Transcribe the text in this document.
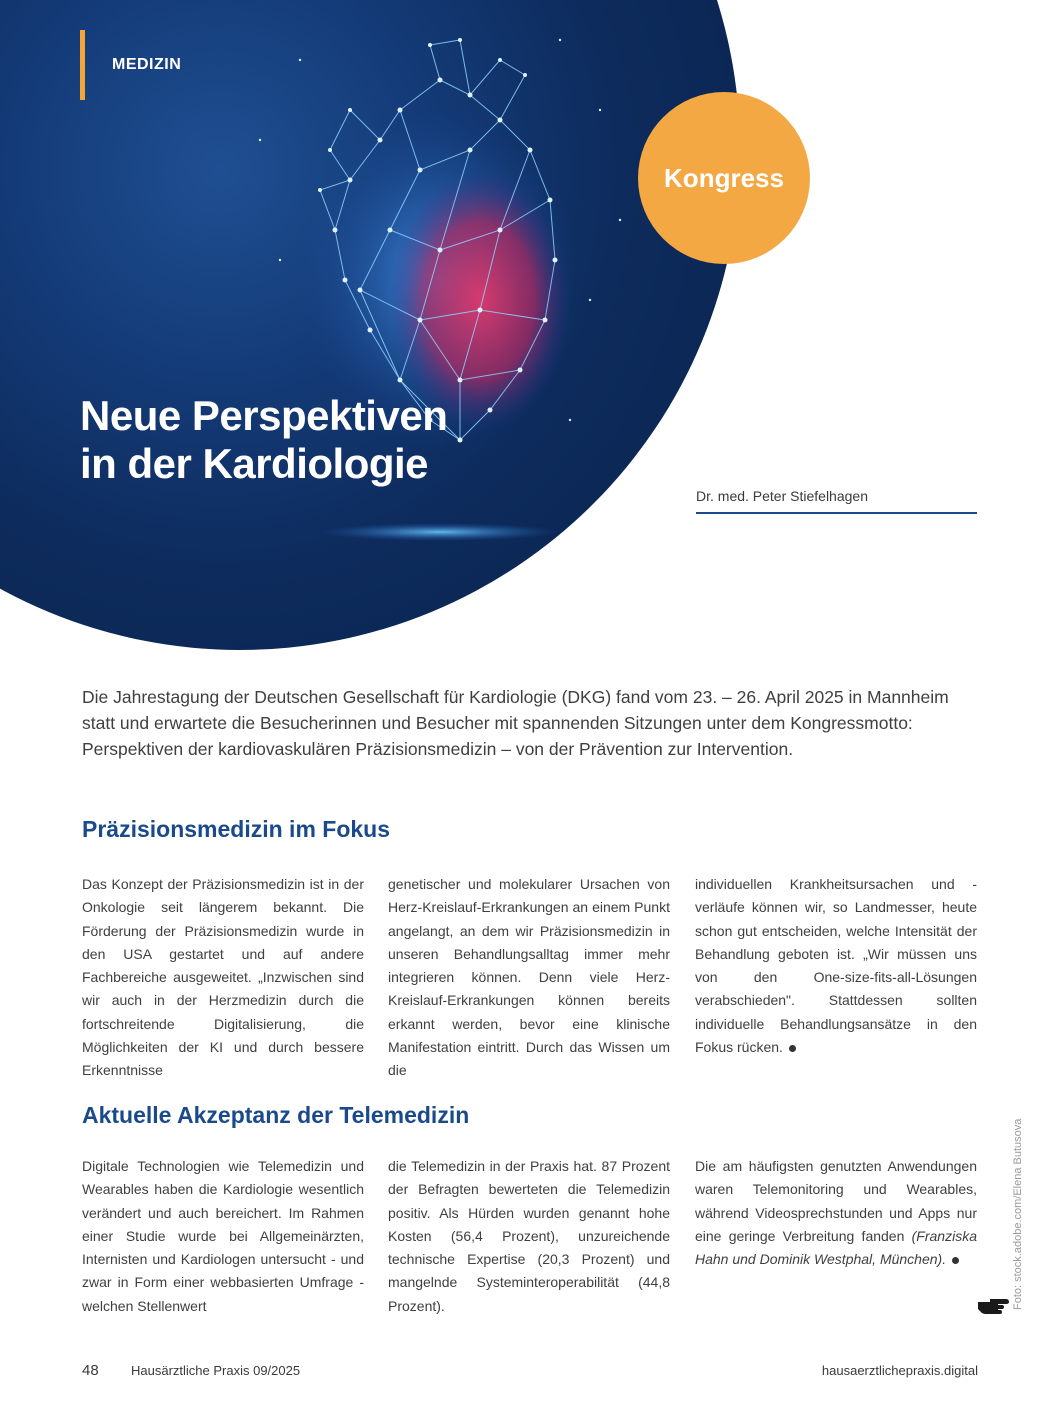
MEDIZIN
Kongress
Neue Perspektiven
in der Kardiologie
Dr. med. Peter Stiefelhagen
Die Jahrestagung der Deutschen Gesellschaft für Kardiologie (DKG) fand vom 23. – 26. April 2025 in Mannheim statt und erwartete die Besucherinnen und Besucher mit spannenden Sitzungen unter dem Kongressmotto: Perspektiven der kardiovaskulären Präzisionsmedizin – von der Prävention zur Intervention.
Präzisionsmedizin im Fokus
Das Konzept der Präzisionsmedizin ist in der Onkologie seit längerem bekannt. Die Förderung der Präzisionsmedizin wurde in den USA gestartet und auf andere Fachbereiche ausgeweitet. „Inzwischen sind wir auch in der Herzmedizin durch die fortschreitende Digitalisierung, die Möglichkeiten der KI und durch bessere Erkenntnisse
genetischer und molekularer Ursachen von Herz-Kreislauf-Erkrankungen an einem Punkt angelangt, an dem wir Präzisionsmedizin in unseren Behandlungsalltag immer mehr integrieren können. Denn viele Herz-Kreislauf-Erkrankungen können bereits erkannt werden, bevor eine klinische Manifestation eintritt. Durch das Wissen um die
individuellen Krankheitsursachen und -verläufe können wir, so Landmesser, heute schon gut entscheiden, welche Intensität der Behandlung geboten ist. „Wir müssen uns von den One-size-fits-all-Lösungen verabschieden". Stattdessen sollten individuelle Behandlungsansätze in den Fokus rücken.
Aktuelle Akzeptanz der Telemedizin
Digitale Technologien wie Telemedizin und Wearables haben die Kardiologie wesentlich verändert und auch bereichert. Im Rahmen einer Studie wurde bei Allgemeinärzten, Internisten und Kardiologen untersucht - und zwar in Form einer webbasierten Umfrage - welchen Stellenwert
die Telemedizin in der Praxis hat. 87 Prozent der Befragten bewerteten die Telemedizin positiv. Als Hürden wurden genannt hohe Kosten (56,4 Prozent), unzureichende technische Expertise (20,3 Prozent) und mangelnde Systeminteroperabilität (44,8 Prozent).
Die am häufigsten genutzten Anwendungen waren Telemonitoring und Wearables, während Videosprechstunden und Apps nur eine geringe Verbreitung fanden (Franziska Hahn und Dominik Westphal, München).	Foto: stock.adobe.com/Elena Butusova
48 Hausärztliche Praxis 09/2025	hausaerztlichepraxis.digital
